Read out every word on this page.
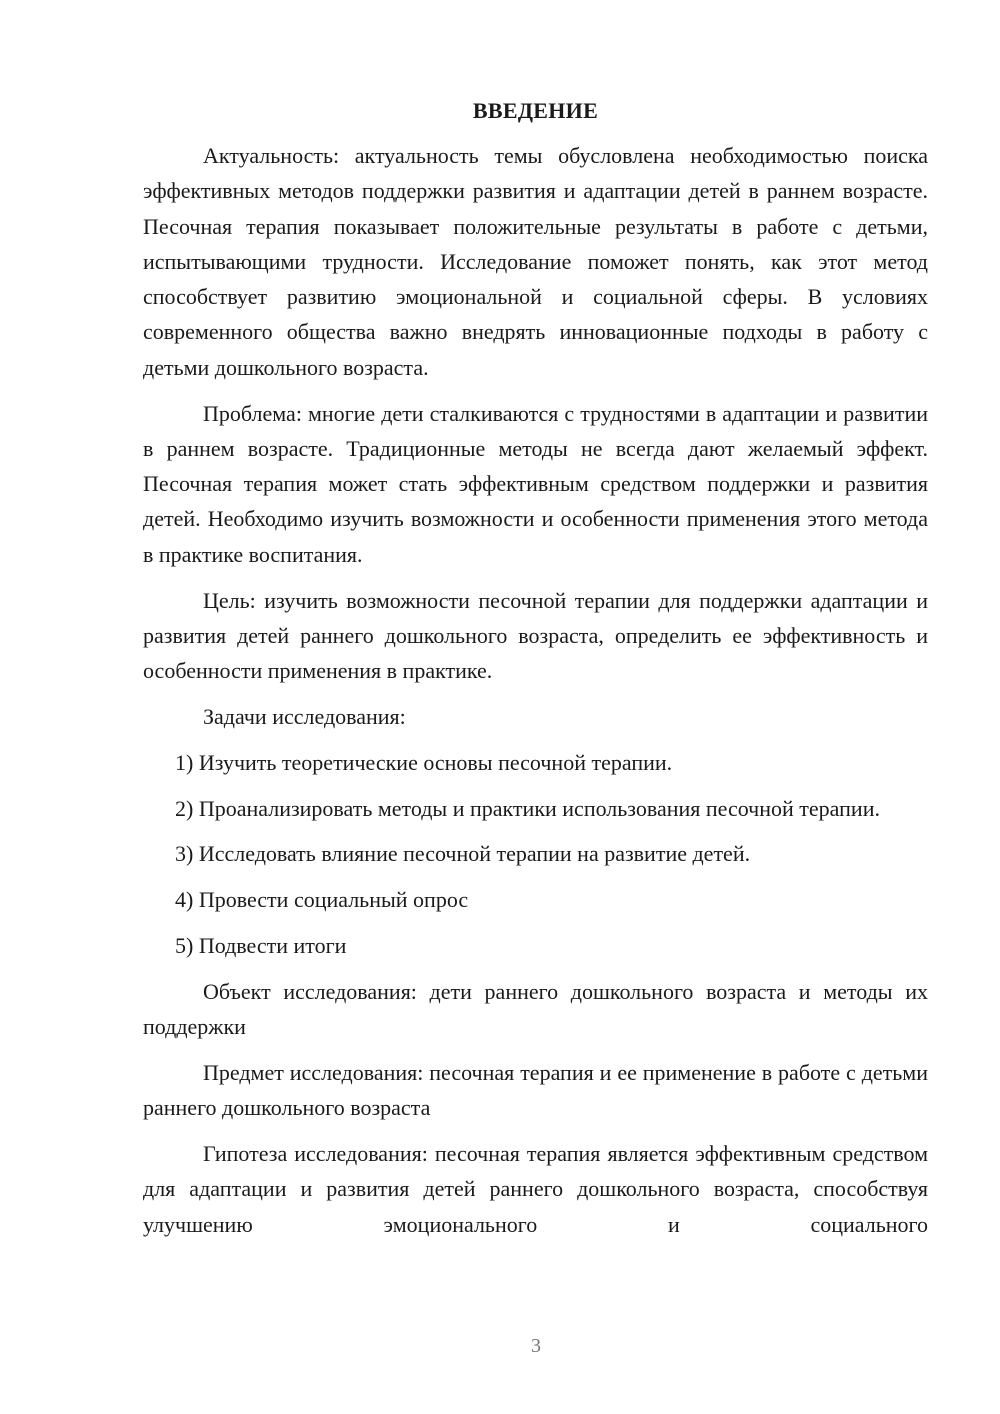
ВВЕДЕНИЕ

Актуальность: актуальность темы обусловлена необходимостью поиска эффективных методов поддержки развития и адаптации детей в раннем возрасте. Песочная терапия показывает положительные результаты в работе с детьми, испытывающими трудности. Исследование поможет понять, как этот метод способствует развитию эмоциональной и социальной сферы. В условиях современного общества важно внедрять инновационные подходы в работу с детьми дошкольного возраста.

Проблема: многие дети сталкиваются с трудностями в адаптации и развитии в раннем возрасте. Традиционные методы не всегда дают желаемый эффект. Песочная терапия может стать эффективным средством поддержки и развития детей. Необходимо изучить возможности и особенности применения этого метода в практике воспитания.

Цель: изучить возможности песочной терапии для поддержки адаптации и развития детей раннего дошкольного возраста, определить ее эффективность и особенности применения в практике.

Задачи исследования:

1) Изучить теоретические основы песочной терапии.

2) Проанализировать методы и практики использования песочной терапии.

3) Исследовать влияние песочной терапии на развитие детей.

4) Провести социальный опрос

5) Подвести итоги

Объект исследования: дети раннего дошкольного возраста и методы их поддержки

Предмет исследования: песочная терапия и ее применение в работе с детьми раннего дошкольного возраста

Гипотеза исследования: песочная терапия является эффективным средством для адаптации и развития детей раннего дошкольного возраста, способствуя улучшению эмоционального и социального

3
